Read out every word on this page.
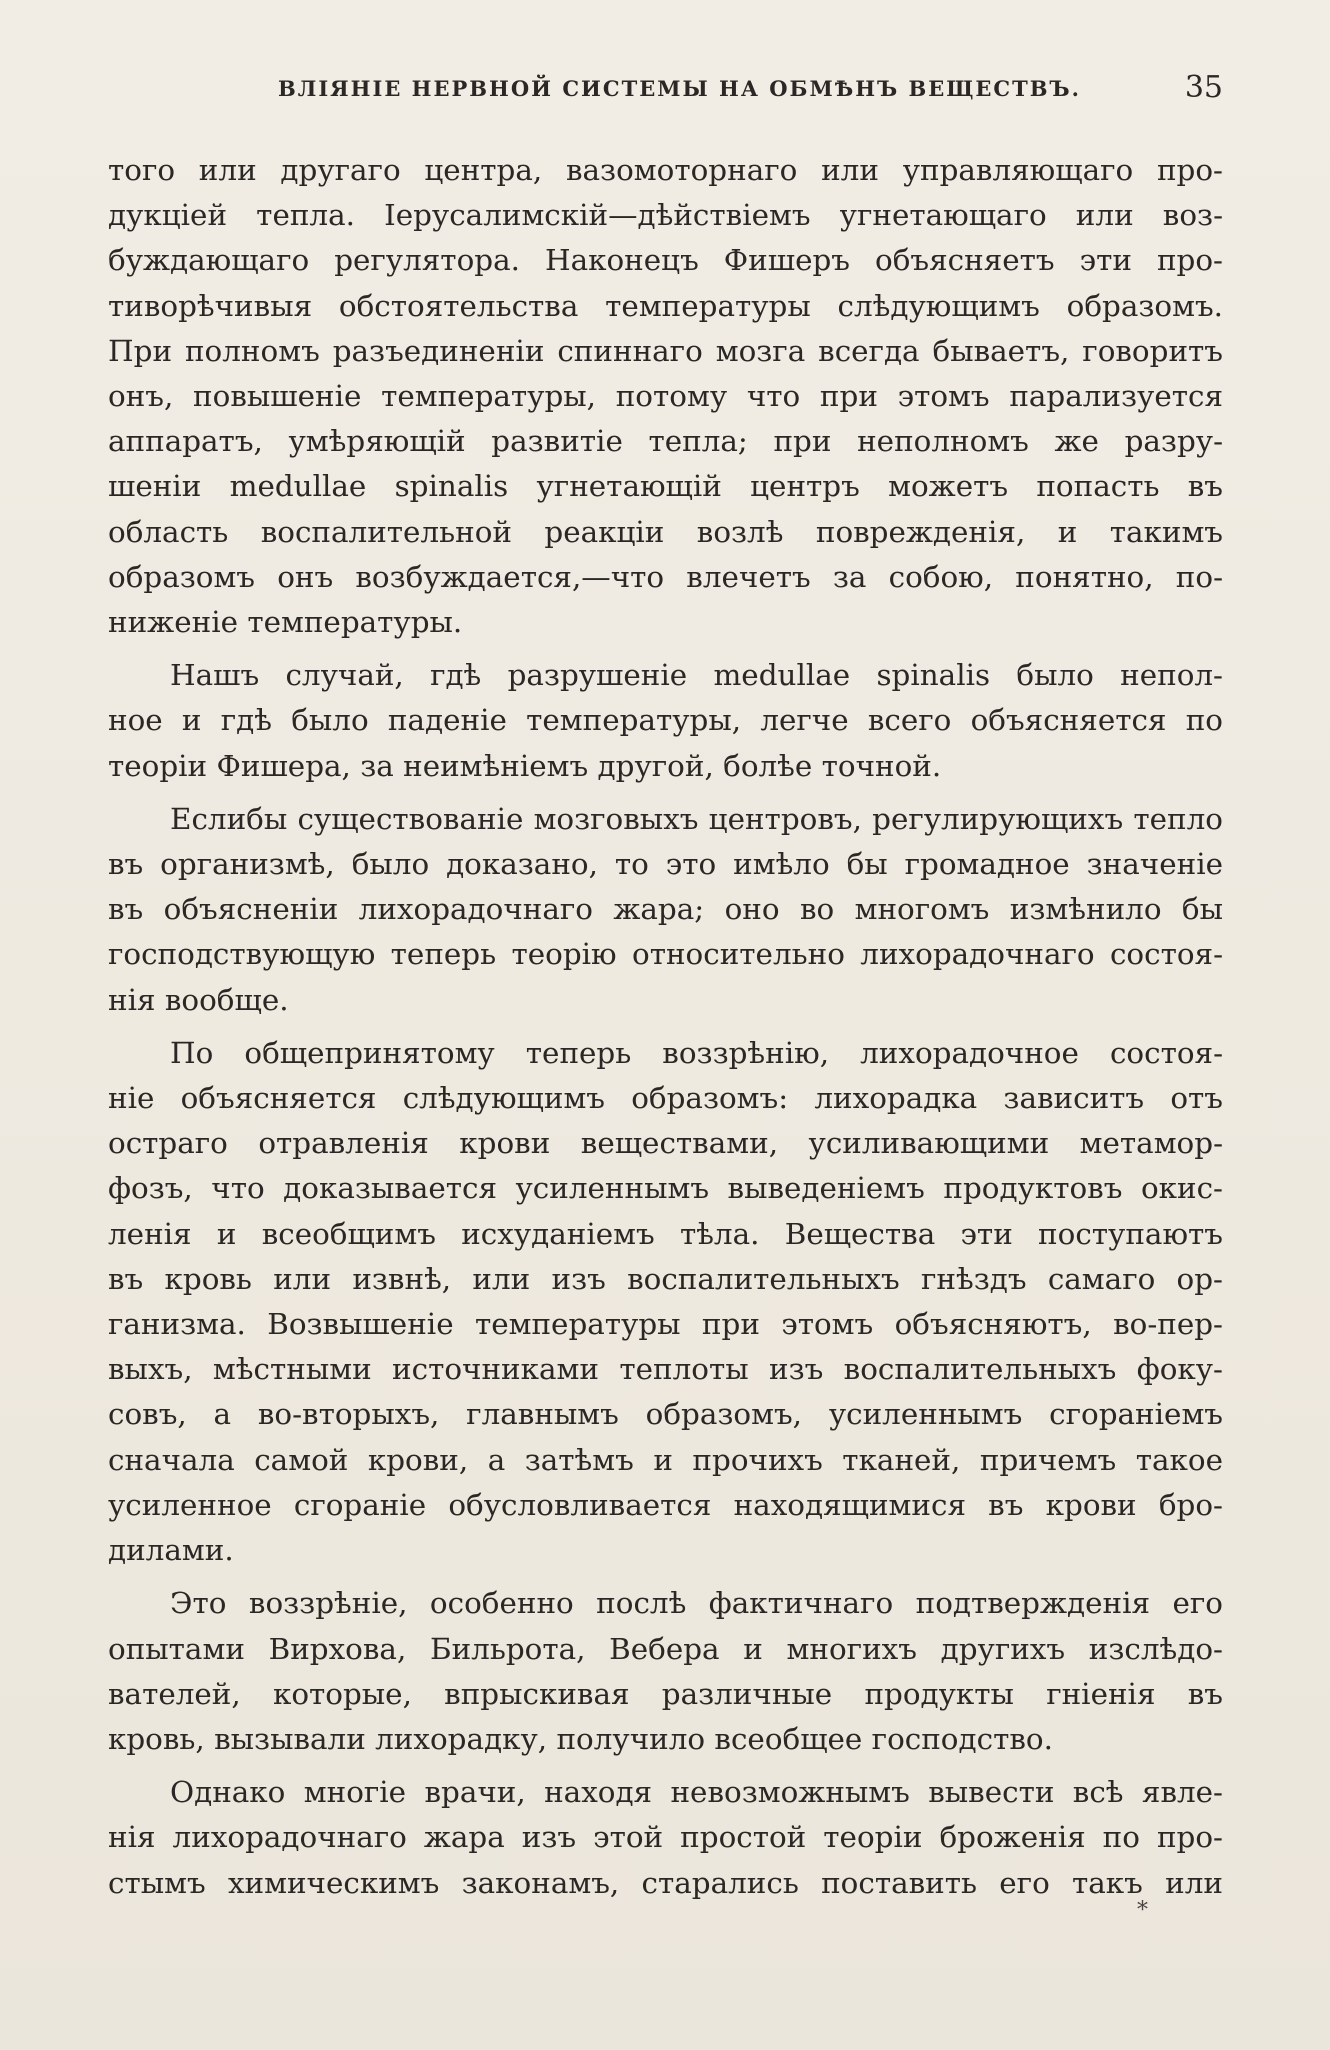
ВЛІЯНІЕ НЕРВНОЙ СИСТЕМЫ НА ОБМѢНЪ ВЕЩЕСТВЪ.	35

того или другаго центра, вазомоторнаго или управляющаго про-
дукціей тепла. Іерусалимскій—дѣйствіемъ угнетающаго или воз-
буждающаго регулятора. Наконецъ Фишеръ объясняетъ эти про-
тиворѣчивыя обстоятельства температуры слѣдующимъ образомъ.
При полномъ разъединеніи спиннаго мозга всегда бываетъ, говоритъ
онъ, повышеніе температуры, потому что при этомъ парализуется
аппаратъ, умѣряющій развитіе тепла; при неполномъ же разру-
шеніи medullae spinalis угнетающій центръ можетъ попасть въ
область воспалительной реакціи возлѣ поврежденія, и такимъ
образомъ онъ возбуждается,—что влечетъ за собою, понятно, по-
ниженіе температуры.

Нашъ случай, гдѣ разрушеніе medullae spinalis было непол-
ное и гдѣ было паденіе температуры, легче всего объясняется по
теоріи Фишера, за неимѣніемъ другой, болѣе точной.

Еслибы существованіе мозговыхъ центровъ, регулирующихъ тепло
въ организмѣ, было доказано, то это имѣло бы громадное значеніе
въ объясненіи лихорадочнаго жара; оно во многомъ измѣнило бы
господствующую теперь теорію относительно лихорадочнаго состоя-
нія вообще.

По общепринятому теперь воззрѣнію, лихорадочное состоя-
ніе объясняется слѣдующимъ образомъ: лихорадка зависитъ отъ
остраго отравленія крови веществами, усиливающими метамор-
фозъ, что доказывается усиленнымъ выведеніемъ продуктовъ окис-
ленія и всеобщимъ исхуданіемъ тѣла. Вещества эти поступаютъ
въ кровь или извнѣ, или изъ воспалительныхъ гнѣздъ самаго ор-
ганизма. Возвышеніе температуры при этомъ объясняютъ, во-пер-
выхъ, мѣстными источниками теплоты изъ воспалительныхъ фоку-
совъ, а во-вторыхъ, главнымъ образомъ, усиленнымъ сгораніемъ
сначала самой крови, а затѣмъ и прочихъ тканей, причемъ такое
усиленное сгораніе обусловливается находящимися въ крови бро-
дилами.

Это воззрѣніе, особенно послѣ фактичнаго подтвержденія его
опытами Вирхова, Бильрота, Вебера и многихъ другихъ изслѣдо-
вателей, которые, впрыскивая различные продукты гніенія въ
кровь, вызывали лихорадку, получило всеобщее господство.

Однако многіе врачи, находя невозможнымъ вывести всѣ явле-
нія лихорадочнаго жара изъ этой простой теоріи броженія по про-
стымъ химическимъ законамъ, старались поставить его такъ или

*
